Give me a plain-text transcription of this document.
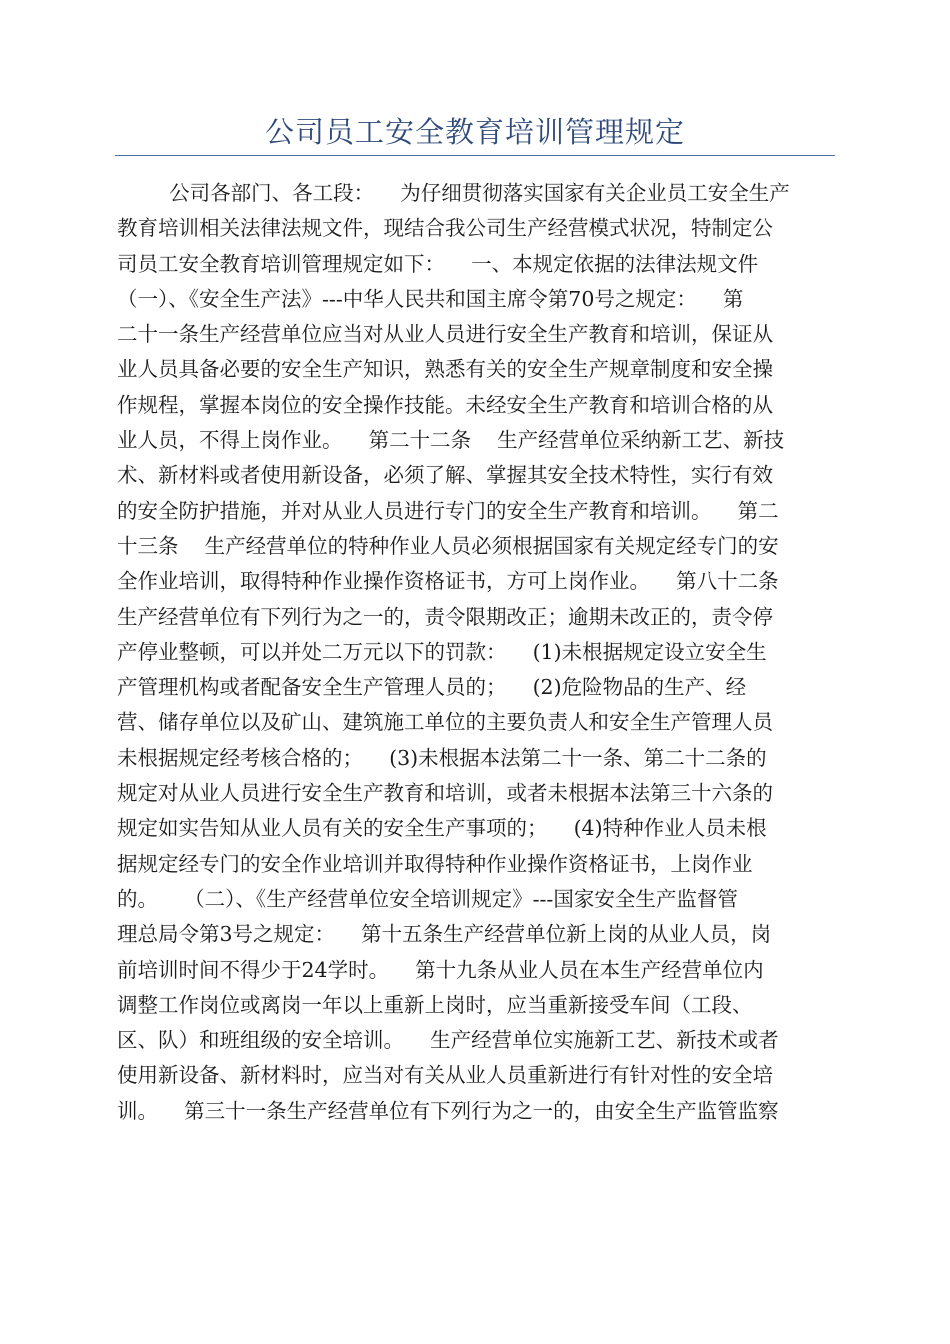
公司员工安全教育培训管理规定
公司各部门、各工段：    为仔细贯彻落实国家有关企业员工安全生产
教育培训相关法律法规文件，现结合我公司生产经营模式状况，特制定公
司员工安全教育培训管理规定如下：    一、本规定依据的法律法规文件
（一）、《安全生产法》---中华人民共和国主席令第70号之规定：    第
二十一条生产经营单位应当对从业人员进行安全生产教育和培训，保证从
业人员具备必要的安全生产知识，熟悉有关的安全生产规章制度和安全操
作规程，掌握本岗位的安全操作技能。未经安全生产教育和培训合格的从
业人员，不得上岗作业。    第二十二条    生产经营单位采纳新工艺、新技
术、新材料或者使用新设备，必须了解、掌握其安全技术特性，实行有效
的安全防护措施，并对从业人员进行专门的安全生产教育和培训。    第二
十三条    生产经营单位的特种作业人员必须根据国家有关规定经专门的安
全作业培训，取得特种作业操作资格证书，方可上岗作业。    第八十二条
生产经营单位有下列行为之一的，责令限期改正；逾期未改正的，责令停
产停业整顿，可以并处二万元以下的罚款：    (1)未根据规定设立安全生
产管理机构或者配备安全生产管理人员的；    (2)危险物品的生产、经
营、储存单位以及矿山、建筑施工单位的主要负责人和安全生产管理人员
未根据规定经考核合格的；    (3)未根据本法第二十一条、第二十二条的
规定对从业人员进行安全生产教育和培训，或者未根据本法第三十六条的
规定如实告知从业人员有关的安全生产事项的；    (4)特种作业人员未根
据规定经专门的安全作业培训并取得特种作业操作资格证书，上岗作业
的。    （二）、《生产经营单位安全培训规定》---国家安全生产监督管
理总局令第3号之规定：    第十五条生产经营单位新上岗的从业人员，岗
前培训时间不得少于24学时。    第十九条从业人员在本生产经营单位内
调整工作岗位或离岗一年以上重新上岗时，应当重新接受车间（工段、
区、队）和班组级的安全培训。    生产经营单位实施新工艺、新技术或者
使用新设备、新材料时，应当对有关从业人员重新进行有针对性的安全培
训。    第三十一条生产经营单位有下列行为之一的，由安全生产监管监察
